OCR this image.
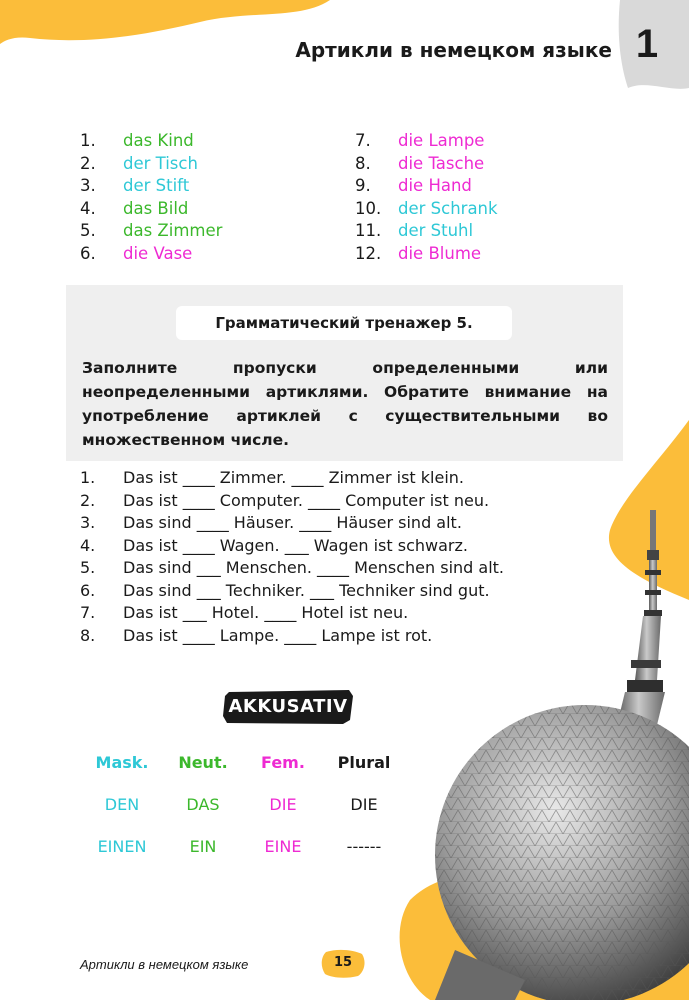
1
Артикли в немецком языке
1. das Kind
2. der Tisch
3. der Stift
4. das Bild
5. das Zimmer
6. die Vase
7. die Lampe
8. die Tasche
9. die Hand
10. der Schrank
11. der Stuhl
12. die Blume
Грамматический тренажер 5.
Заполните пропуски определенными или неопределенными артиклями. Обратите внимание на употребление артиклей с существительными во множественном числе.
1. Das ist ____ Zimmer. ____ Zimmer ist klein.
2. Das ist ____ Computer. ____ Computer ist neu.
3. Das sind ____ Häuser. ____ Häuser sind alt.
4. Das ist ____ Wagen. ___ Wagen ist schwarz.
5. Das sind ___ Menschen. ____ Menschen sind alt.
6. Das sind ___ Techniker. ___ Techniker sind gut.
7. Das ist ___ Hotel. ____ Hotel ist neu.
8. Das ist ____ Lampe. ____ Lampe ist rot.
AKKUSATIV
Mask.
DEN
EINEN
Neut.
DAS
EIN
Fem.
DIE
EINE
Plural
DIE
------
Артикли в немецком языке	15
